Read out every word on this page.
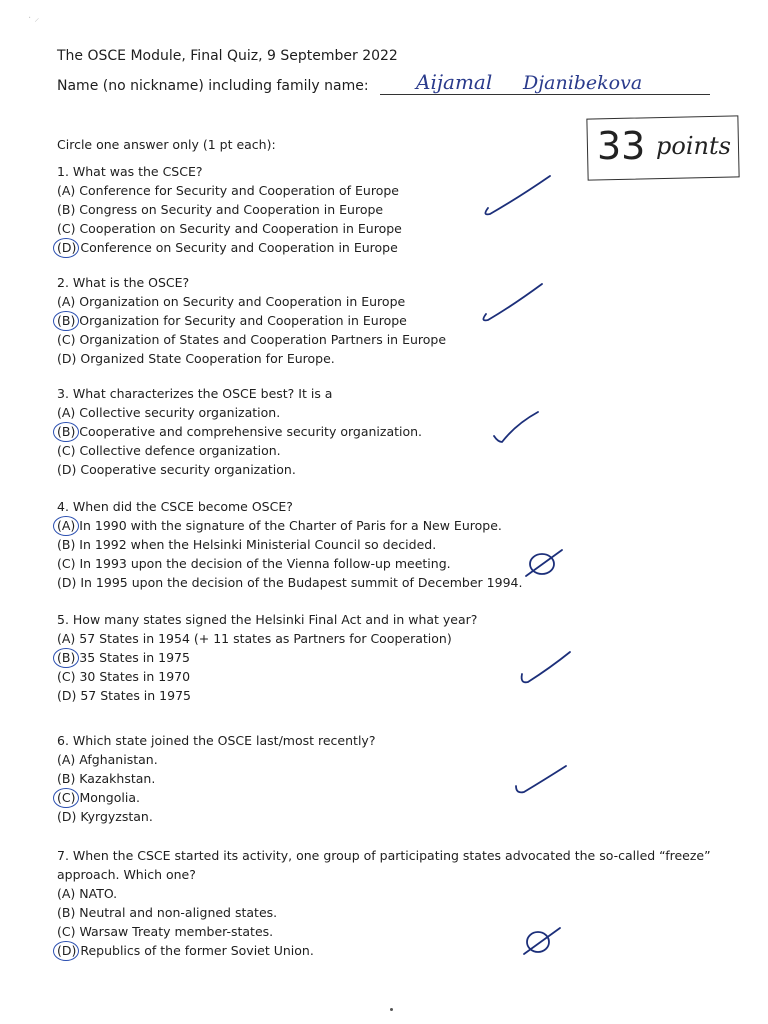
· ⸝
The OSCE Module, Final Quiz, 9 September 2022
Name (no nickname) including family name: Aijamal Djanibekova
33 points
Circle one answer only (1 pt each):
1. What was the CSCE?
(A) Conference for Security and Cooperation of Europe
(B) Congress on Security and Cooperation in Europe
(C) Cooperation on Security and Cooperation in Europe
(D) Conference on Security and Cooperation in Europe
2. What is the OSCE?
(A) Organization on Security and Cooperation in Europe
(B) Organization for Security and Cooperation in Europe
(C) Organization of States and Cooperation Partners in Europe
(D) Organized State Cooperation for Europe.
3. What characterizes the OSCE best? It is a
(A) Collective security organization.
(B) Cooperative and comprehensive security organization.
(C) Collective defence organization.
(D) Cooperative security organization.
4. When did the CSCE become OSCE?
(A) In 1990 with the signature of the Charter of Paris for a New Europe.
(B) In 1992 when the Helsinki Ministerial Council so decided.
(C) In 1993 upon the decision of the Vienna follow-up meeting.
(D) In 1995 upon the decision of the Budapest summit of December 1994.
5. How many states signed the Helsinki Final Act and in what year?
(A) 57 States in 1954 (+ 11 states as Partners for Cooperation)
(B) 35 States in 1975
(C) 30 States in 1970
(D) 57 States in 1975
6. Which state joined the OSCE last/most recently?
(A) Afghanistan.
(B) Kazakhstan.
(C) Mongolia.
(D) Kyrgyzstan.
7. When the CSCE started its activity, one group of participating states advocated the so-called “freeze”
approach. Which one?
(A) NATO.
(B) Neutral and non-aligned states.
(C) Warsaw Treaty member-states.
(D) Republics of the former Soviet Union.
